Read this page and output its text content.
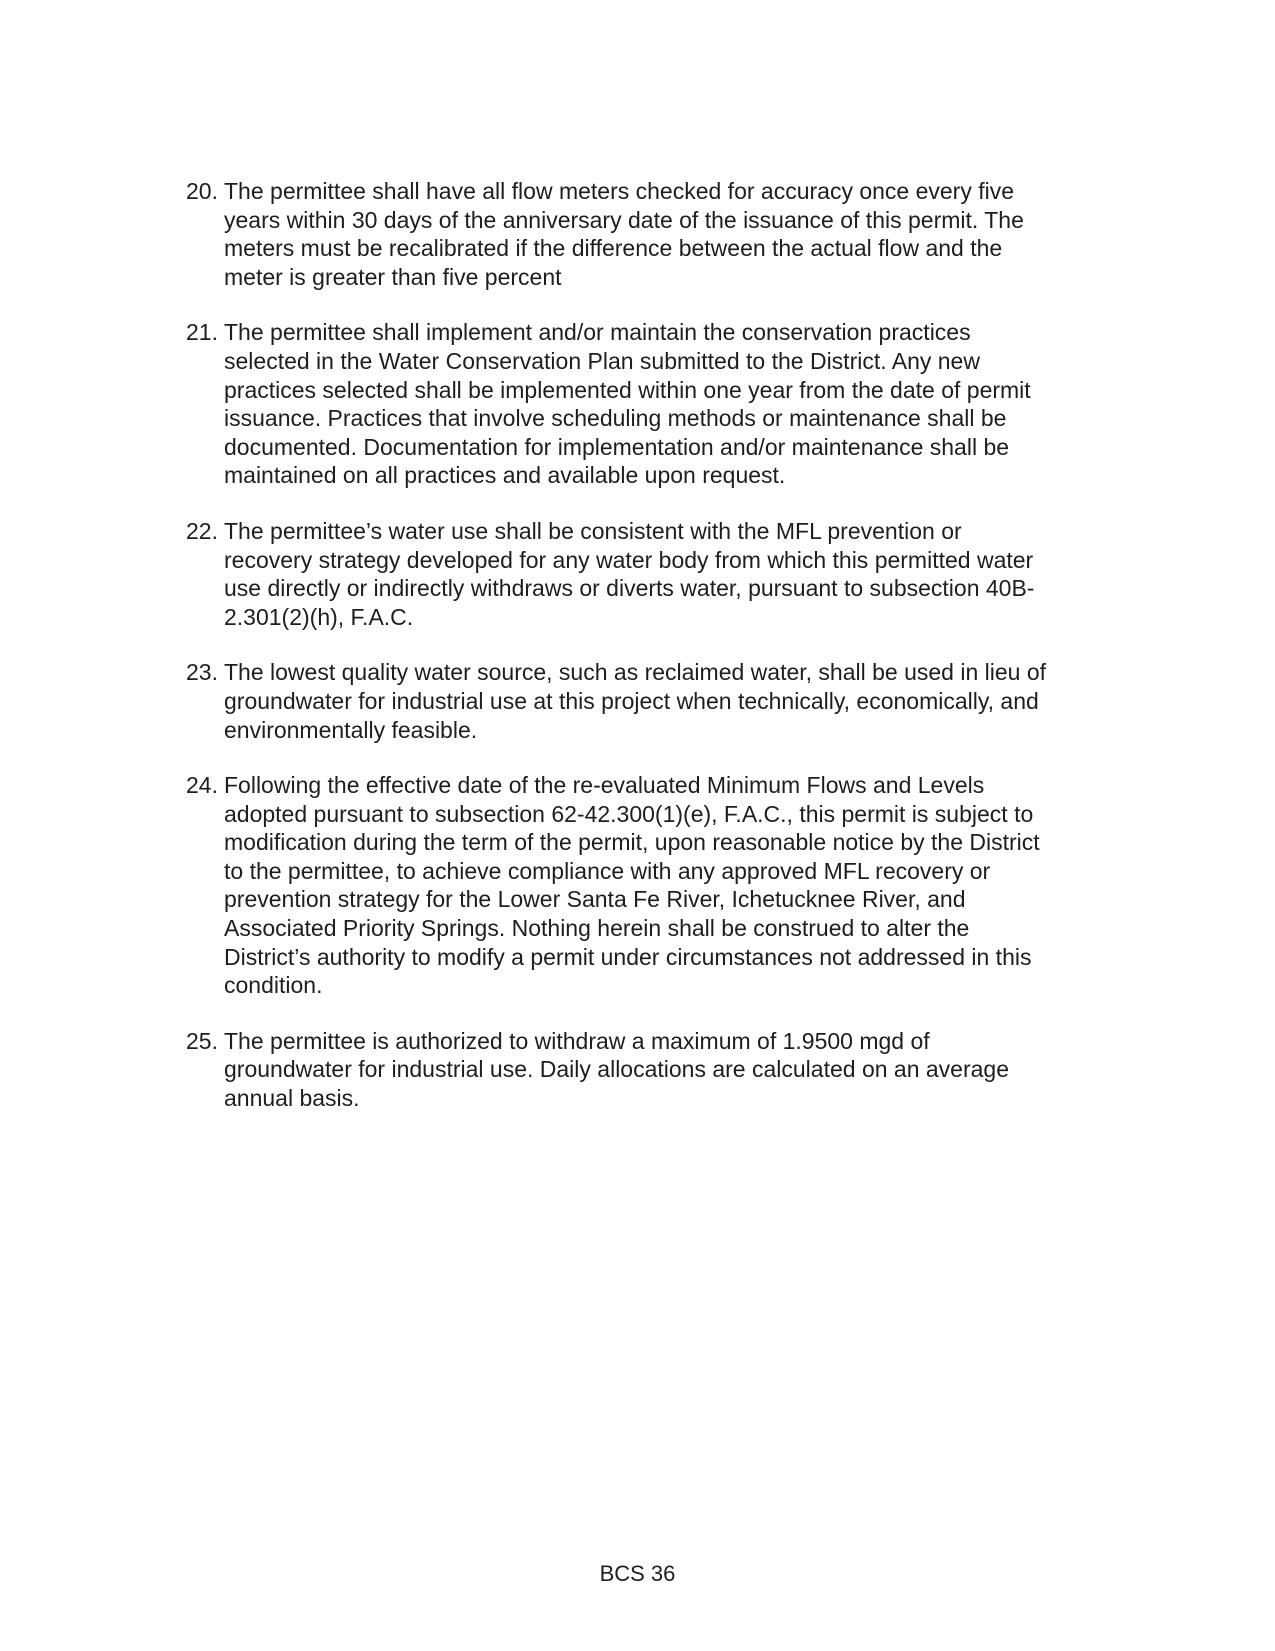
20. The permittee shall have all flow meters checked for accuracy once every five
years within 30 days of the anniversary date of the issuance of this permit. The
meters must be recalibrated if the difference between the actual flow and the
meter is greater than five percent
21. The permittee shall implement and/or maintain the conservation practices
selected in the Water Conservation Plan submitted to the District. Any new
practices selected shall be implemented within one year from the date of permit
issuance. Practices that involve scheduling methods or maintenance shall be
documented. Documentation for implementation and/or maintenance shall be
maintained on all practices and available upon request.
22. The permittee’s water use shall be consistent with the MFL prevention or
recovery strategy developed for any water body from which this permitted water
use directly or indirectly withdraws or diverts water, pursuant to subsection 40B-
2.301(2)(h), F.A.C.
23. The lowest quality water source, such as reclaimed water, shall be used in lieu of
groundwater for industrial use at this project when technically, economically, and
environmentally feasible.
24. Following the effective date of the re-evaluated Minimum Flows and Levels
adopted pursuant to subsection 62-42.300(1)(e), F.A.C., this permit is subject to
modification during the term of the permit, upon reasonable notice by the District
to the permittee, to achieve compliance with any approved MFL recovery or
prevention strategy for the Lower Santa Fe River, Ichetucknee River, and
Associated Priority Springs. Nothing herein shall be construed to alter the
District’s authority to modify a permit under circumstances not addressed in this
condition.
25. The permittee is authorized to withdraw a maximum of 1.9500 mgd of
groundwater for industrial use. Daily allocations are calculated on an average
annual basis.
BCS 36
